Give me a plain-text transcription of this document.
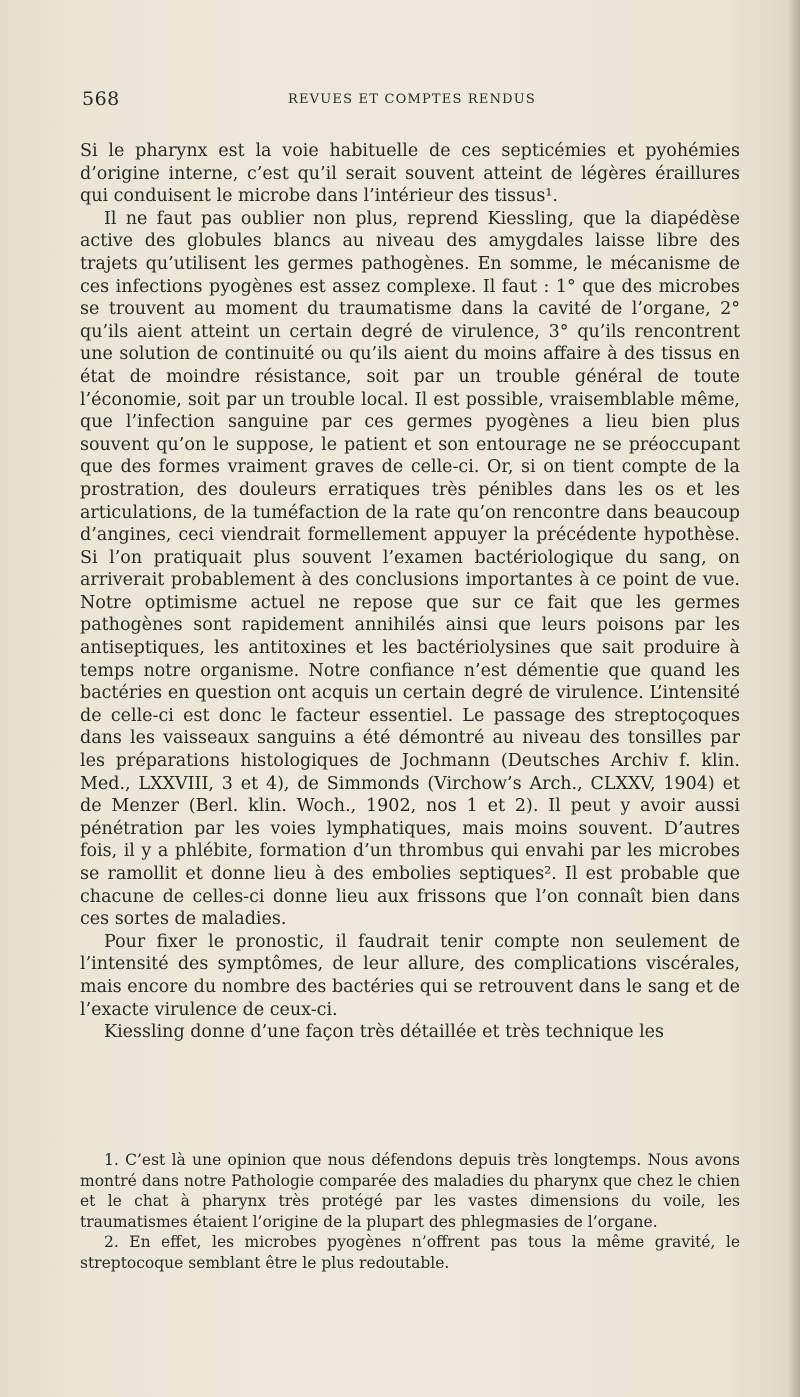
568	REVUES ET COMPTES RENDUS

Si le pharynx est la voie habituelle de ces septicémies et pyohémies d’origine interne, c’est qu’il serait souvent atteint de légères éraillures qui conduisent le microbe dans l’intérieur des tissus¹.

Il ne faut pas oublier non plus, reprend Kiessling, que la diapédèse active des globules blancs au niveau des amygdales laisse libre des trajets qu’utilisent les germes pathogènes. En somme, le mécanisme de ces infections pyogènes est assez complexe. Il faut : 1° que des microbes se trouvent au moment du traumatisme dans la cavité de l’organe, 2° qu’ils aient atteint un certain degré de virulence, 3° qu’ils rencontrent une solution de continuité ou qu’ils aient du moins affaire à des tissus en état de moindre résistance, soit par un trouble général de toute l’économie, soit par un trouble local. Il est possible, vraisemblable même, que l’infection sanguine par ces germes pyogènes a lieu bien plus souvent qu’on le suppose, le patient et son entourage ne se préoccupant que des formes vraiment graves de celle-ci. Or, si on tient compte de la prostration, des douleurs erratiques très pénibles dans les os et les articulations, de la tuméfaction de la rate qu’on rencontre dans beaucoup d’angines, ceci viendrait formellement appuyer la précédente hypothèse. Si l’on pratiquait plus souvent l’examen bactériologique du sang, on arriverait probablement à des conclusions importantes à ce point de vue. Notre optimisme actuel ne repose que sur ce fait que les germes pathogènes sont rapidement annihilés ainsi que leurs poisons par les antiseptiques, les antitoxines et les bactériolysines que sait produire à temps notre organisme. Notre confiance n’est démentie que quand les bactéries en question ont acquis un certain degré de virulence. L’intensité de celle-ci est donc le facteur essentiel. Le passage des streptoçoques dans les vaisseaux sanguins a été démontré au niveau des tonsilles par les préparations histologiques de Jochmann (Deutsches Archiv f. klin. Med., LXXVIII, 3 et 4), de Simmonds (Virchow’s Arch., CLXXV, 1904) et de Menzer (Berl. klin. Woch., 1902, nos 1 et 2). Il peut y avoir aussi pénétration par les voies lymphatiques, mais moins souvent. D’autres fois, il y a phlébite, formation d’un thrombus qui envahi par les microbes se ramollit et donne lieu à des embolies septiques². Il est probable que chacune de celles-ci donne lieu aux frissons que l’on connaît bien dans ces sortes de maladies.

Pour fixer le pronostic, il faudrait tenir compte non seulement de l’intensité des symptômes, de leur allure, des complications viscérales, mais encore du nombre des bactéries qui se retrouvent dans le sang et de l’exacte virulence de ceux-ci.

Kiessling donne d’une façon très détaillée et très technique les

1. C’est là une opinion que nous défendons depuis très longtemps. Nous avons montré dans notre Pathologie comparée des maladies du pharynx que chez le chien et le chat à pharynx très protégé par les vastes dimensions du voile, les traumatismes étaient l’origine de la plupart des phlegmasies de l’organe.

2. En effet, les microbes pyogènes n’offrent pas tous la même gravité, le streptocoque semblant être le plus redoutable.
